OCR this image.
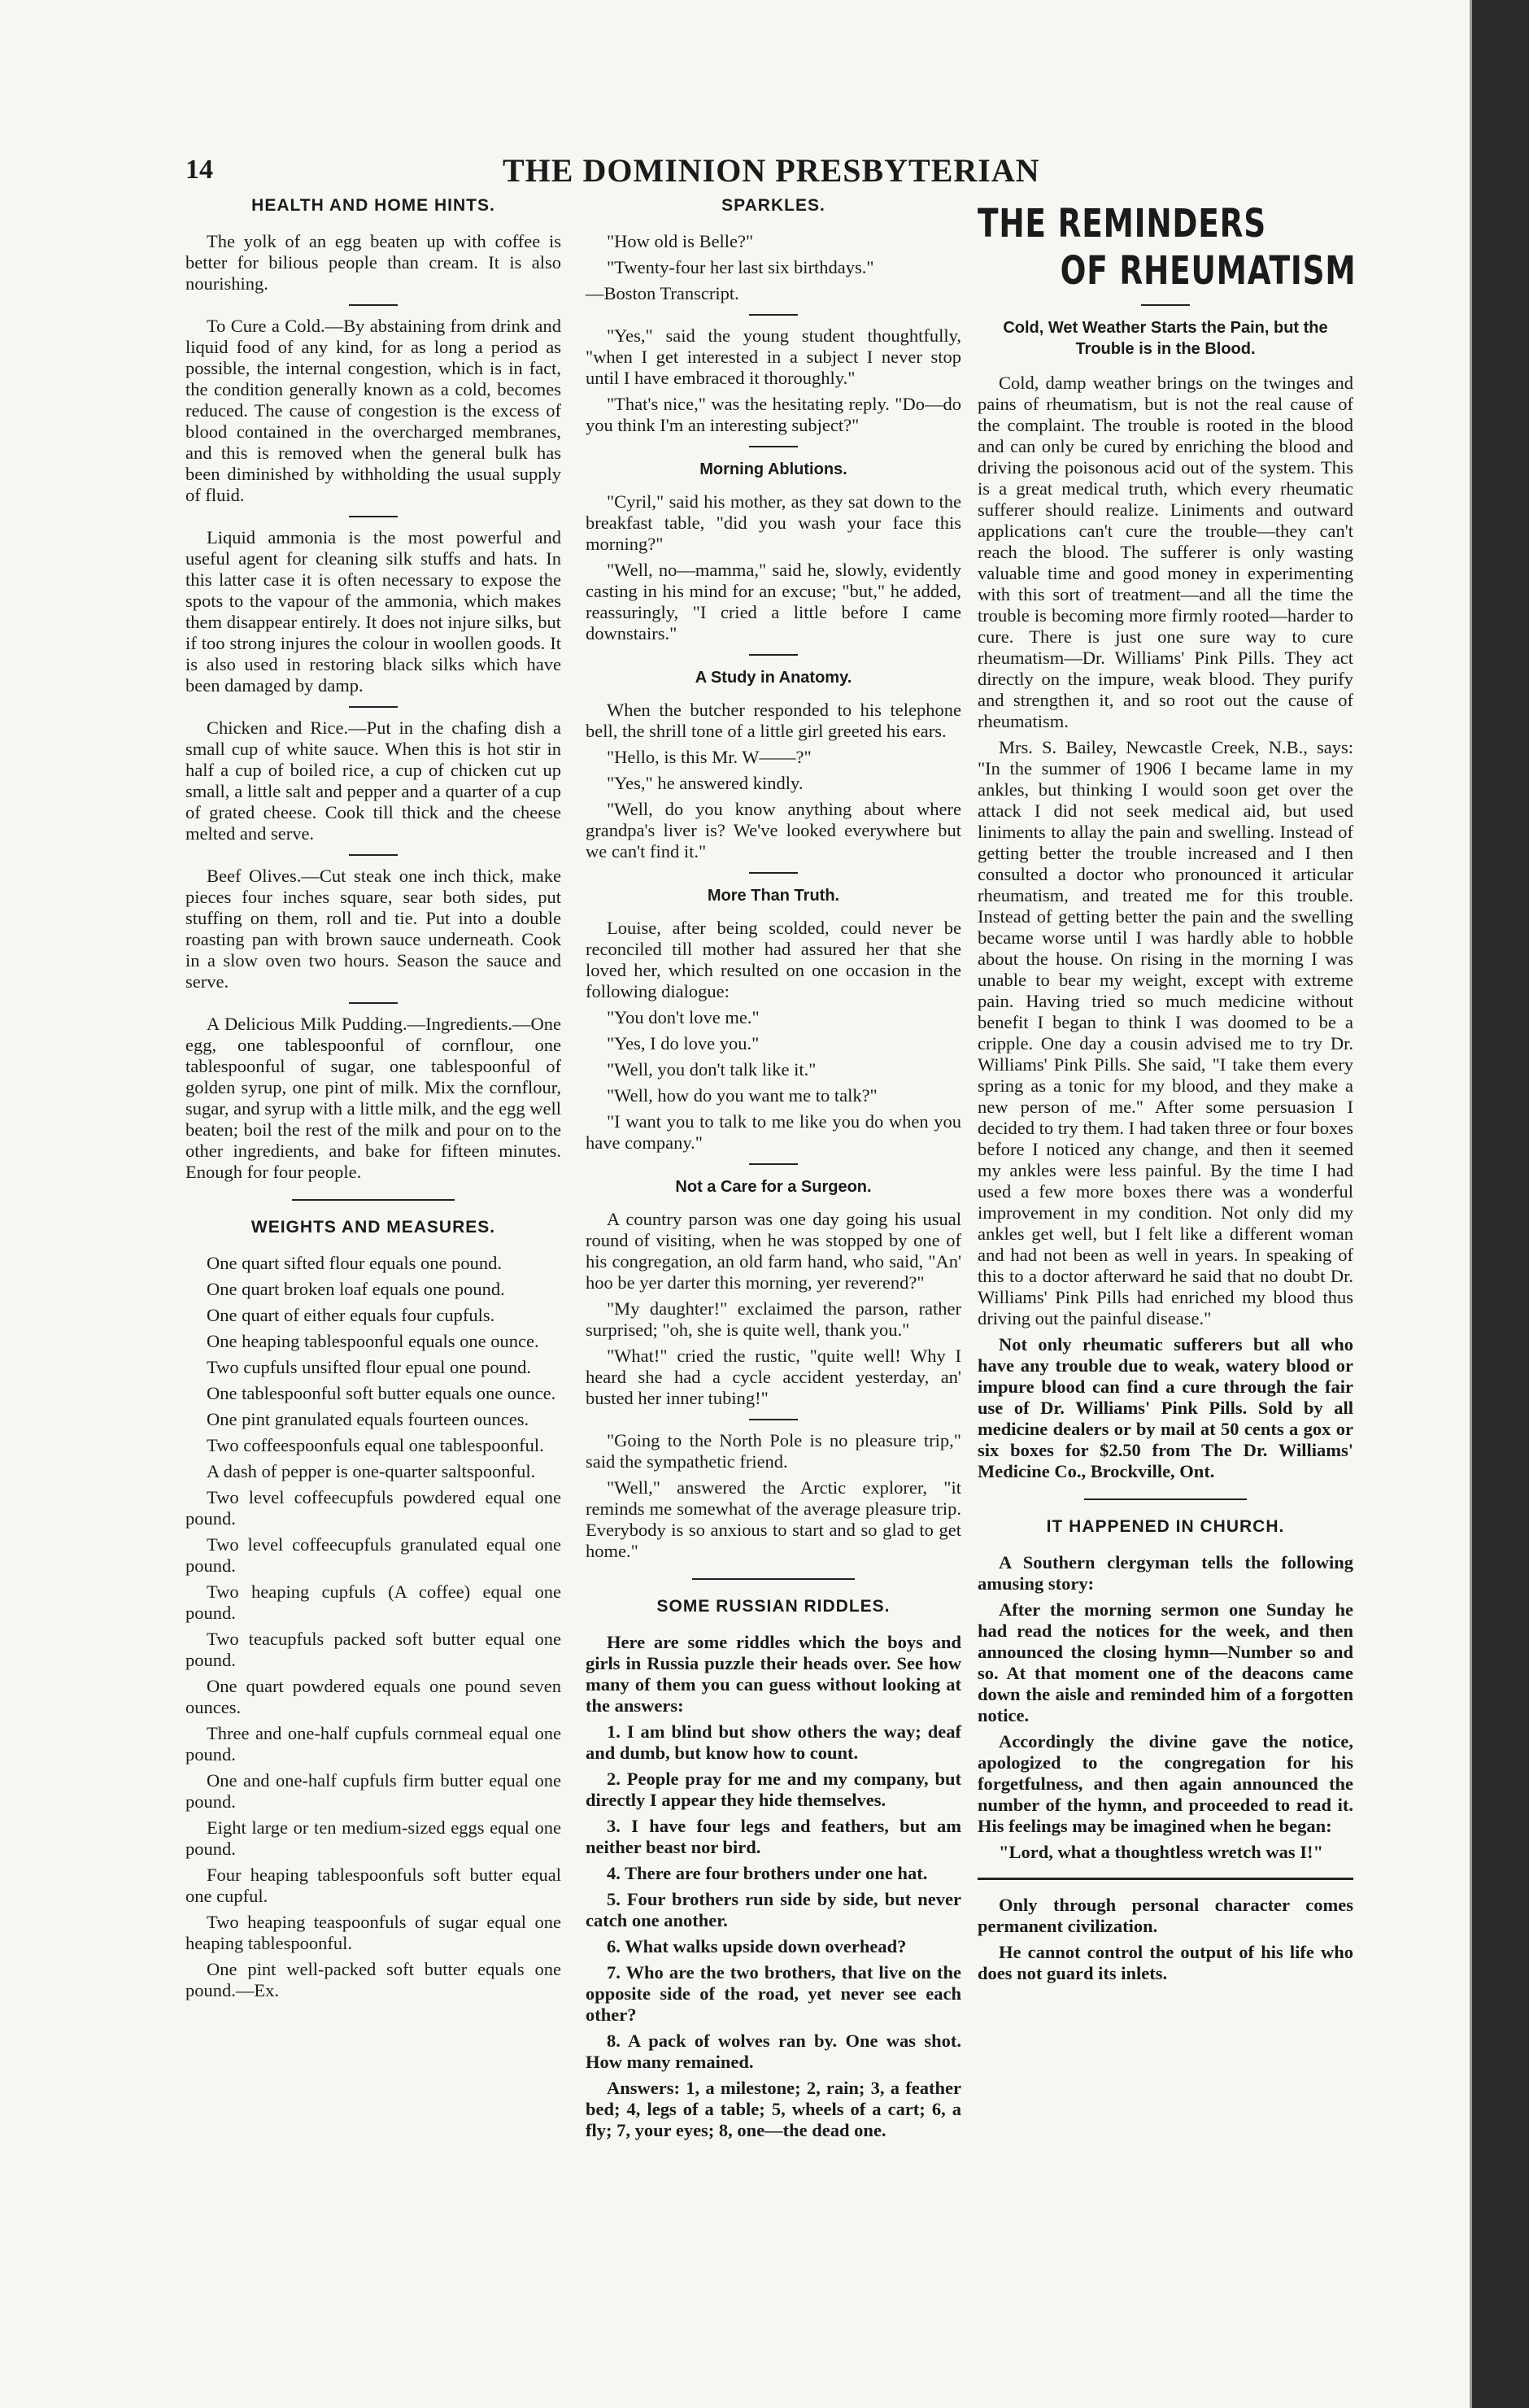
14	THE DOMINION PRESBYTERIAN
HEALTH AND HOME HINTS.

The yolk of an egg beaten up with coffee is better for bilious people than cream. It is also nourishing.

To Cure a Cold.—By abstaining from drink and liquid food of any kind, for as long a period as possible, the internal congestion, which is in fact, the condition generally known as a cold, becomes reduced. The cause of congestion is the excess of blood contained in the overcharged membranes, and this is removed when the general bulk has been diminished by withholding the usual supply of fluid.

Liquid ammonia is the most powerful and useful agent for cleaning silk stuffs and hats. In this latter case it is often necessary to expose the spots to the vapour of the ammonia, which makes them disappear entirely. It does not injure silks, but if too strong injures the colour in woollen goods. It is also used in restoring black silks which have been damaged by damp.

Chicken and Rice.—Put in the chafing dish a small cup of white sauce. When this is hot stir in half a cup of boiled rice, a cup of chicken cut up small, a little salt and pepper and a quarter of a cup of grated cheese. Cook till thick and the cheese melted and serve.

Beef Olives.—Cut steak one inch thick, make pieces four inches square, sear both sides, put stuffing on them, roll and tie. Put into a double roasting pan with brown sauce underneath. Cook in a slow oven two hours. Season the sauce and serve.

A Delicious Milk Pudding.—Ingredients.—One egg, one tablespoonful of cornflour, one tablespoonful of sugar, one tablespoonful of golden syrup, one pint of milk. Mix the cornflour, sugar, and syrup with a little milk, and the egg well beaten; boil the rest of the milk and pour on to the other ingredients, and bake for fifteen minutes. Enough for four people.

WEIGHTS AND MEASURES.

One quart sifted flour equals one pound.

One quart broken loaf equals one pound.

One quart of either equals four cupfuls.

One heaping tablespoonful equals one ounce.

Two cupfuls unsifted flour epual one pound.

One tablespoonful soft butter equals one ounce.

One pint granulated equals fourteen ounces.

Two coffeespoonfuls equal one tablespoonful.

A dash of pepper is one-quarter saltspoonful.

Two level coffeecupfuls powdered equal one pound.

Two level coffeecupfuls granulated equal one pound.

Two heaping cupfuls (A coffee) equal one pound.

Two teacupfuls packed soft butter equal one pound.

One quart powdered equals one pound seven ounces.

Three and one-half cupfuls cornmeal equal one pound.

One and one-half cupfuls firm butter equal one pound.

Eight large or ten medium-sized eggs equal one pound.

Four heaping tablespoonfuls soft butter equal one cupful.

Two heaping teaspoonfuls of sugar equal one heaping tablespoonful.

One pint well-packed soft butter equals one pound.—Ex.

SPARKLES.

"How old is Belle?"

"Twenty-four her last six birthdays."

—Boston Transcript.

"Yes," said the young student thoughtfully, "when I get interested in a subject I never stop until I have embraced it thoroughly."

"That's nice," was the hesitating reply. "Do—do you think I'm an interesting subject?"

Morning Ablutions.

"Cyril," said his mother, as they sat down to the breakfast table, "did you wash your face this morning?"

"Well, no—mamma," said he, slowly, evidently casting in his mind for an excuse; "but," he added, reassuringly, "I cried a little before I came downstairs."

A Study in Anatomy.

When the butcher responded to his telephone bell, the shrill tone of a little girl greeted his ears.

"Hello, is this Mr. W——?"

"Yes," he answered kindly.

"Well, do you know anything about where grandpa's liver is? We've looked everywhere but we can't find it."

More Than Truth.

Louise, after being scolded, could never be reconciled till mother had assured her that she loved her, which resulted on one occasion in the following dialogue:

"You don't love me."

"Yes, I do love you."

"Well, you don't talk like it."

"Well, how do you want me to talk?"

"I want you to talk to me like you do when you have company."

Not a Care for a Surgeon.

A country parson was one day going his usual round of visiting, when he was stopped by one of his congregation, an old farm hand, who said, "An' hoo be yer darter this morning, yer reverend?"

"My daughter!" exclaimed the parson, rather surprised; "oh, she is quite well, thank you."

"What!" cried the rustic, "quite well! Why I heard she had a cycle accident yesterday, an' busted her inner tubing!"

"Going to the North Pole is no pleasure trip," said the sympathetic friend.

"Well," answered the Arctic explorer, "it reminds me somewhat of the average pleasure trip. Everybody is so anxious to start and so glad to get home."

SOME RUSSIAN RIDDLES.

Here are some riddles which the boys and girls in Russia puzzle their heads over. See how many of them you can guess without looking at the answers:

1. I am blind but show others the way; deaf and dumb, but know how to count.

2. People pray for me and my company, but directly I appear they hide themselves.

3. I have four legs and feathers, but am neither beast nor bird.

4. There are four brothers under one hat.

5. Four brothers run side by side, but never catch one another.

6. What walks upside down overhead?

7. Who are the two brothers, that live on the opposite side of the road, yet never see each other?

8. A pack of wolves ran by. One was shot. How many remained.

Answers: 1, a milestone; 2, rain; 3, a feather bed; 4, legs of a table; 5, wheels of a cart; 6, a fly; 7, your eyes; 8, one—the dead one.

THE REMINDERS
OF RHEUMATISM
Cold, Wet Weather Starts the Pain, but the Trouble is in the Blood.

Cold, damp weather brings on the twinges and pains of rheumatism, but is not the real cause of the complaint. The trouble is rooted in the blood and can only be cured by enriching the blood and driving the poisonous acid out of the system. This is a great medical truth, which every rheumatic sufferer should realize. Liniments and outward applications can't cure the trouble—they can't reach the blood. The sufferer is only wasting valuable time and good money in experimenting with this sort of treatment—and all the time the trouble is becoming more firmly rooted—harder to cure. There is just one sure way to cure rheumatism—Dr. Williams' Pink Pills. They act directly on the impure, weak blood. They purify and strengthen it, and so root out the cause of rheumatism.

Mrs. S. Bailey, Newcastle Creek, N.B., says: "In the summer of 1906 I became lame in my ankles, but thinking I would soon get over the attack I did not seek medical aid, but used liniments to allay the pain and swelling. Instead of getting better the trouble increased and I then consulted a doctor who pronounced it articular rheumatism, and treated me for this trouble. Instead of getting better the pain and the swelling became worse until I was hardly able to hobble about the house. On rising in the morning I was unable to bear my weight, except with extreme pain. Having tried so much medicine without benefit I began to think I was doomed to be a cripple. One day a cousin advised me to try Dr. Williams' Pink Pills. She said, "I take them every spring as a tonic for my blood, and they make a new person of me." After some persuasion I decided to try them. I had taken three or four boxes before I noticed any change, and then it seemed my ankles were less painful. By the time I had used a few more boxes there was a wonderful improvement in my condition. Not only did my ankles get well, but I felt like a different woman and had not been as well in years. In speaking of this to a doctor afterward he said that no doubt Dr. Williams' Pink Pills had enriched my blood thus driving out the painful disease."

Not only rheumatic sufferers but all who have any trouble due to weak, watery blood or impure blood can find a cure through the fair use of Dr. Williams' Pink Pills. Sold by all medicine dealers or by mail at 50 cents a gox or six boxes for $2.50 from The Dr. Williams' Medicine Co., Brockville, Ont.

IT HAPPENED IN CHURCH.

A Southern clergyman tells the following amusing story:

After the morning sermon one Sunday he had read the notices for the week, and then announced the closing hymn—Number so and so. At that moment one of the deacons came down the aisle and reminded him of a forgotten notice.

Accordingly the divine gave the notice, apologized to the congregation for his forgetfulness, and then again announced the number of the hymn, and proceeded to read it. His feelings may be imagined when he began:

"Lord, what a thoughtless wretch was I!"

Only through personal character comes permanent civilization.

He cannot control the output of his life who does not guard its inlets.
